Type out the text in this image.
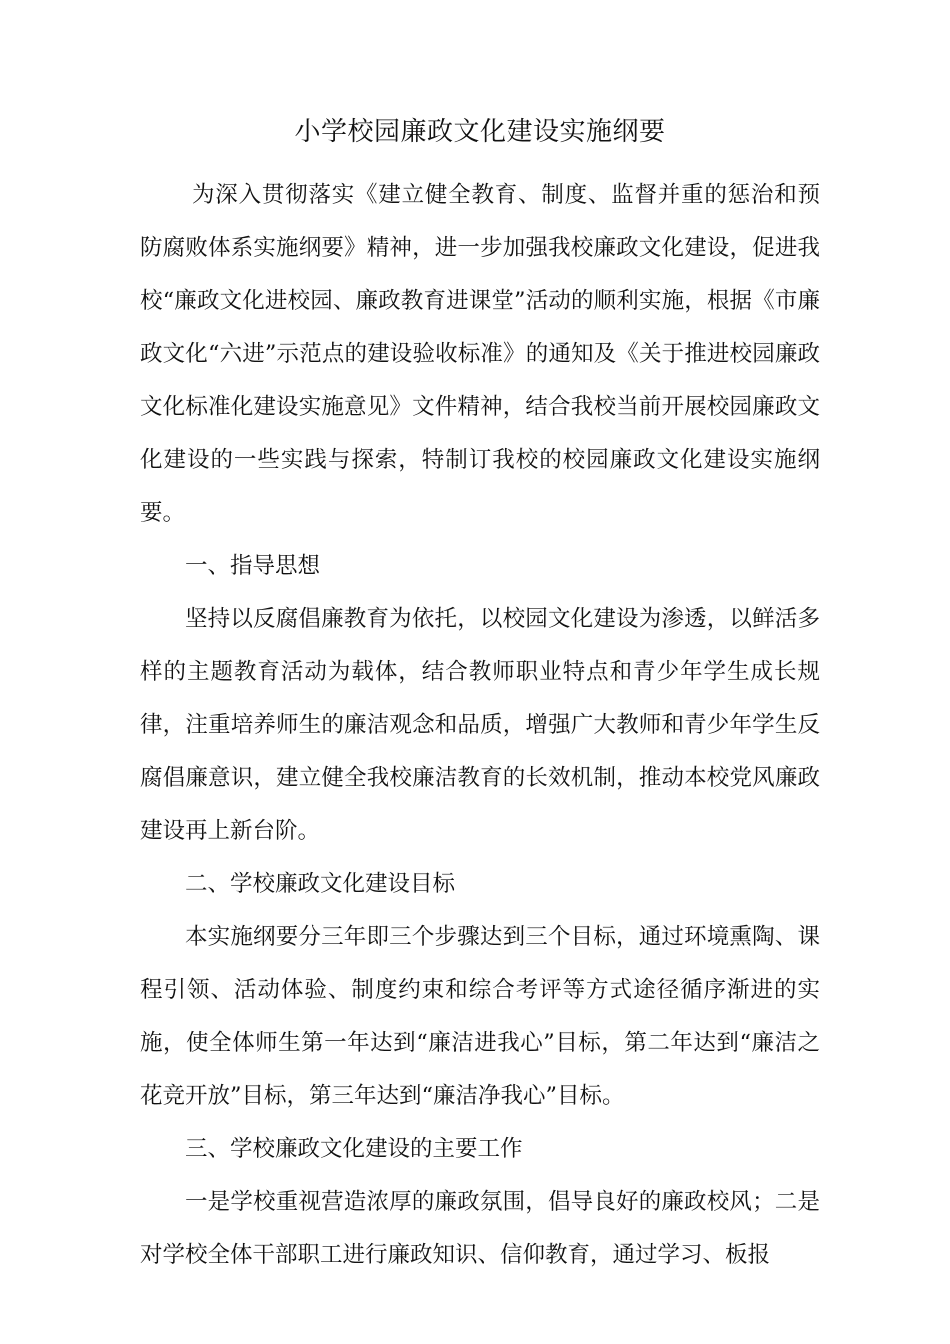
小学校园廉政文化建设实施纲要

为深入贯彻落实《建立健全教育、制度、监督并重的惩治和预防腐败体系实施纲要》精神，进一步加强我校廉政文化建设，促进我校“廉政文化进校园、廉政教育进课堂”活动的顺利实施，根据《市廉政文化“六进”示范点的建设验收标准》的通知及《关于推进校园廉政文化标准化建设实施意见》文件精神，结合我校当前开展校园廉政文化建设的一些实践与探索，特制订我校的校园廉政文化建设实施纲要。

一、指导思想

坚持以反腐倡廉教育为依托，以校园文化建设为渗透，以鲜活多样的主题教育活动为载体，结合教师职业特点和青少年学生成长规律，注重培养师生的廉洁观念和品质，增强广大教师和青少年学生反腐倡廉意识，建立健全我校廉洁教育的长效机制，推动本校党风廉政建设再上新台阶。

二、学校廉政文化建设目标

本实施纲要分三年即三个步骤达到三个目标，通过环境熏陶、课程引领、活动体验、制度约束和综合考评等方式途径循序渐进的实施，使全体师生第一年达到“廉洁进我心”目标，第二年达到“廉洁之花竞开放”目标，第三年达到“廉洁净我心”目标。

三、学校廉政文化建设的主要工作

一是学校重视营造浓厚的廉政氛围，倡导良好的廉政校风；二是对学校全体干部职工进行廉政知识、信仰教育，通过学习、板报
